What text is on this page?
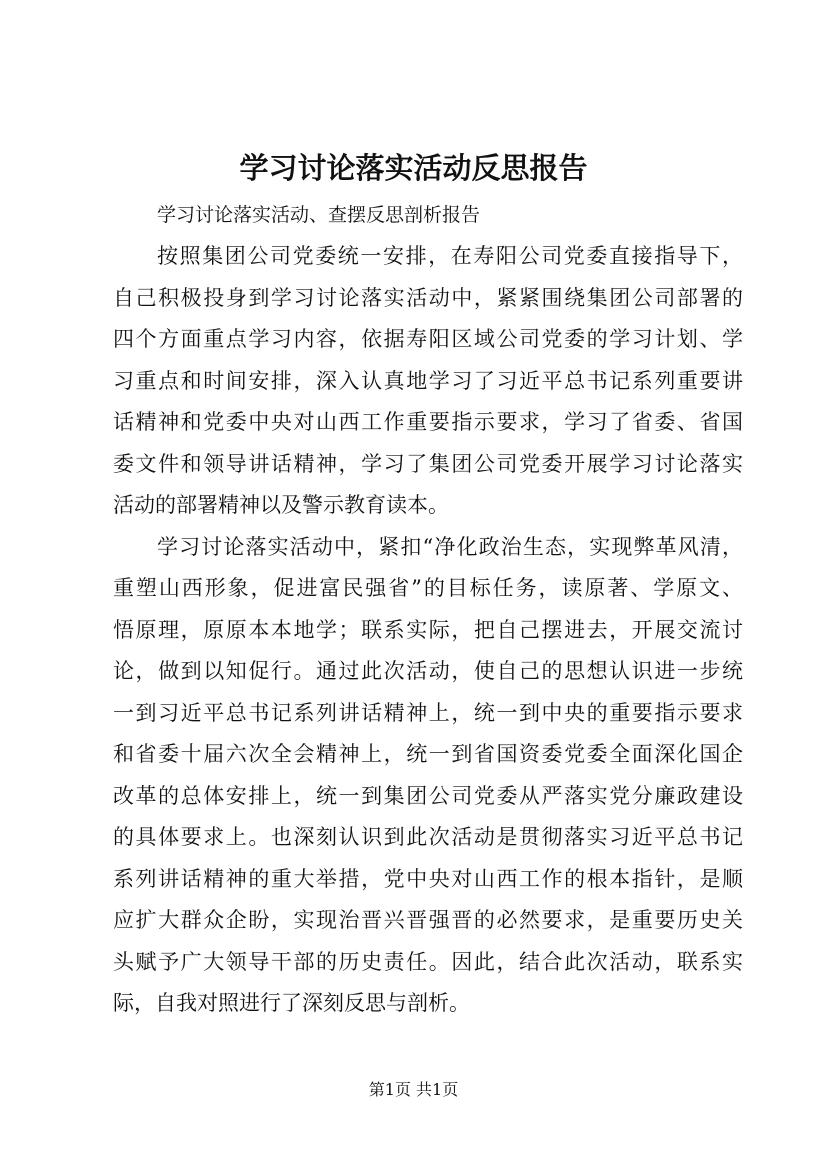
学习讨论落实活动反思报告
学习讨论落实活动、查摆反思剖析报告
按照集团公司党委统一安排，在寿阳公司党委直接指导下，
自己积极投身到学习讨论落实活动中，紧紧围绕集团公司部署的
四个方面重点学习内容，依据寿阳区域公司党委的学习计划、学
习重点和时间安排，深入认真地学习了习近平总书记系列重要讲
话精神和党委中央对山西工作重要指示要求，学习了省委、省国
委文件和领导讲话精神，学习了集团公司党委开展学习讨论落实
活动的部署精神以及警示教育读本。
学习讨论落实活动中，紧扣“净化政治生态，实现弊革风清，
重塑山西形象，促进富民强省”的目标任务，读原著、学原文、
悟原理，原原本本地学；联系实际，把自己摆进去，开展交流讨
论，做到以知促行。通过此次活动，使自己的思想认识进一步统
一到习近平总书记系列讲话精神上，统一到中央的重要指示要求
和省委十届六次全会精神上，统一到省国资委党委全面深化国企
改革的总体安排上，统一到集团公司党委从严落实党分廉政建设
的具体要求上。也深刻认识到此次活动是贯彻落实习近平总书记
系列讲话精神的重大举措，党中央对山西工作的根本指针，是顺
应扩大群众企盼，实现治晋兴晋强晋的必然要求，是重要历史关
头赋予广大领导干部的历史责任。因此，结合此次活动，联系实
际，自我对照进行了深刻反思与剖析。
第1页 共1页
